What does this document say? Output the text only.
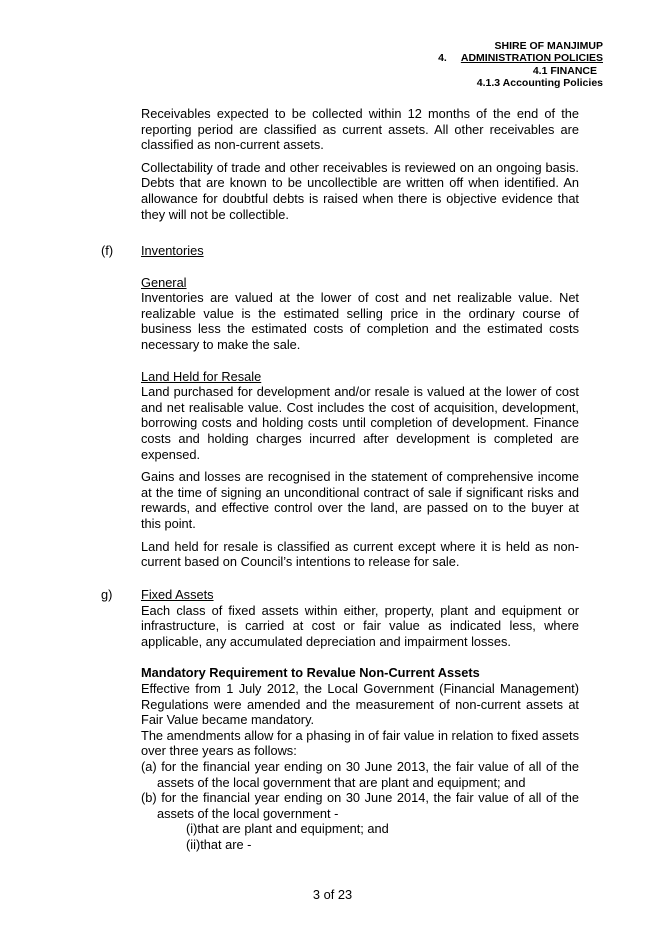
SHIRE OF MANJIMUP
4. ADMINISTRATION POLICIES
4.1 FINANCE
4.1.3 Accounting Policies

Receivables expected to be collected within 12 months of the end of the reporting period are classified as current assets. All other receivables are classified as non-current assets.

Collectability of trade and other receivables is reviewed on an ongoing basis. Debts that are known to be uncollectible are written off when identified. An allowance for doubtful debts is raised when there is objective evidence that they will not be collectible.

(f) Inventories
General

Inventories are valued at the lower of cost and net realizable value. Net realizable value is the estimated selling price in the ordinary course of business less the estimated costs of completion and the estimated costs necessary to make the sale.

Land Held for Resale

Land purchased for development and/or resale is valued at the lower of cost and net realisable value. Cost includes the cost of acquisition, development, borrowing costs and holding costs until completion of development. Finance costs and holding charges incurred after development is completed are expensed.

Gains and losses are recognised in the statement of comprehensive income at the time of signing an unconditional contract of sale if significant risks and rewards, and effective control over the land, are passed on to the buyer at this point.

Land held for resale is classified as current except where it is held as non-current based on Council’s intentions to release for sale.

g) Fixed Assets

Each class of fixed assets within either, property, plant and equipment or infrastructure, is carried at cost or fair value as indicated less, where applicable, any accumulated depreciation and impairment losses.

Mandatory Requirement to Revalue Non-Current Assets

Effective from 1 July 2012, the Local Government (Financial Management) Regulations were amended and the measurement of non-current assets at Fair Value became mandatory.

The amendments allow for a phasing in of fair value in relation to fixed assets over three years as follows:

(a) for the financial year ending on 30 June 2013, the fair value of all of the assets of the local government that are plant and equipment; and

(b) for the financial year ending on 30 June 2014, the fair value of all of the assets of the local government -

(i)that are plant and equipment; and

(ii)that are -

3 of 23
